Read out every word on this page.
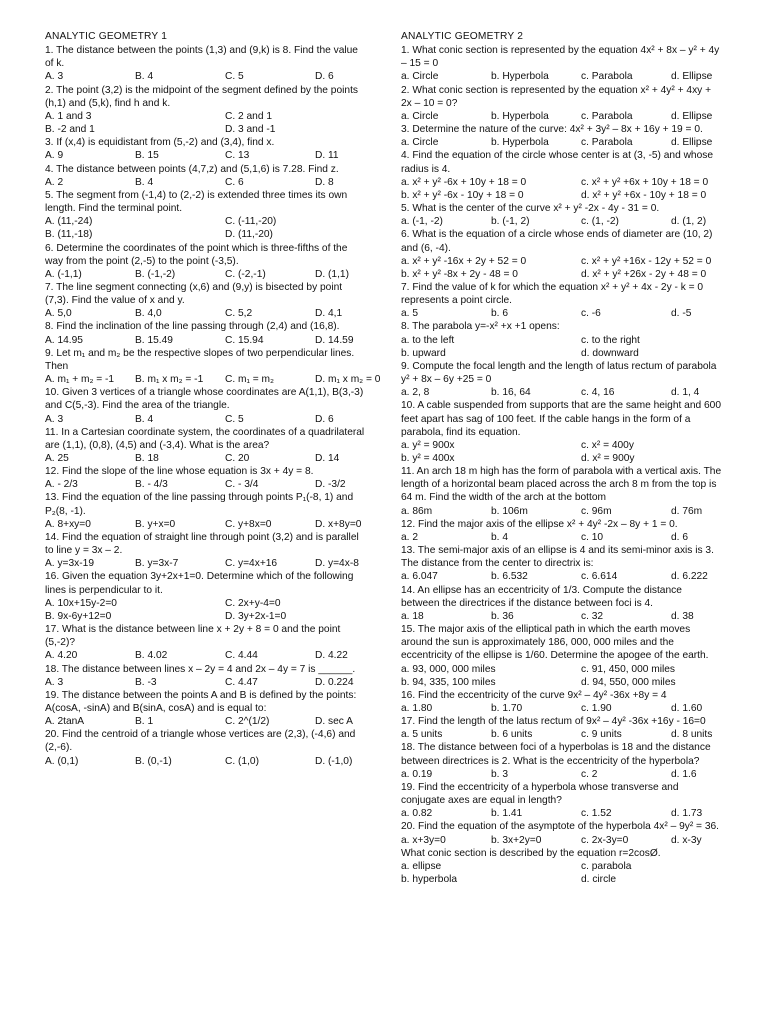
ANALYTIC GEOMETRY 1
1. The distance between the points (1,3) and (9,k) is 8. Find the value of k.
A. 3	B. 4	C. 5	D. 6
2. The point (3,2) is the midpoint of the segment defined by the points (h,1) and (5,k), find h and k.
A. 1 and 3	C. 2 and 1
B. -2 and 1	D. 3 and -1
3. If (x,4) is equidistant from (5,-2) and (3,4), find x.
A. 9	B. 15	C. 13	D. 11
4. The distance between points (4,7,z) and (5,1,6) is 7.28. Find z.
A. 2	B. 4	C. 6	D. 8
5. The segment from (-1,4) to (2,-2) is extended three times its own length. Find the terminal point.
A. (11,-24)	C. (-11,-20)
B. (11,-18)	D. (11,-20)
6. Determine the coordinates of the point which is three-fifths of the way from the point (2,-5) to the point (-3,5).
A. (-1,1)	B. (-1,-2)	C. (-2,-1)	D. (1,1)
7. The line segment connecting (x,6) and (9,y) is bisected by point (7,3). Find the value of x and y.
A. 5,0	B. 4,0	C. 5,2	D. 4,1
8. Find the inclination of the line passing through (2,4) and (16,8).
A. 14.95	B. 15.49	C. 15.94	D. 14.59
9. Let m₁ and m₂ be the respective slopes of two perpendicular lines. Then
A. m₁ + m₂ = -1	B. m₁ x m₂ = -1	C. m₁ = m₂	D. m₁ x m₂ = 0
10. Given 3 vertices of a triangle whose coordinates are A(1,1), B(3,-3) and C(5,-3). Find the area of the triangle.
A. 3	B. 4	C. 5	D. 6
11. In a Cartesian coordinate system, the coordinates of a quadrilateral are (1,1), (0,8), (4,5) and (-3,4). What is the area?
A. 25	B. 18	C. 20	D. 14
12. Find the slope of the line whose equation is 3x + 4y = 8.
A. - 2/3	B. - 4/3	C. - 3/4	D. -3/2
13. Find the equation of the line passing through points P₁(-8, 1) and P₂(8, -1).
A. 8+xy=0	B. y+x=0	C. y+8x=0	D. x+8y=0
14. Find the equation of straight line through point (3,2) and is parallel to line y = 3x – 2.
A. y=3x-19	B. y=3x-7	C. y=4x+16	D. y=4x-8
16. Given the equation 3y+2x+1=0. Determine which of the following lines is perpendicular to it.
A. 10x+15y-2=0	C. 2x+y-4=0
B. 9x-6y+12=0	D. 3y+2x-1=0
17. What is the distance between line x + 2y + 8 = 0 and the point (5,-2)?
A. 4.20	B. 4.02	C. 4.44	D. 4.22
18. The distance between lines x – 2y = 4 and 2x – 4y = 7 is ______.
A. 3	B. -3	C. 4.47	D. 0.224
19. The distance between the points A and B is defined by the points: A(cosA, -sinA) and B(sinA, cosA) and is equal to:
A. 2tanA	B. 1	C. 2^(1/2)	D. sec A
20. Find the centroid of a triangle whose vertices are (2,3), (-4,6) and (2,-6).
A. (0,1)	B. (0,-1)	C. (1,0)	D. (-1,0)
ANALYTIC GEOMETRY 2
1. What conic section is represented by the equation 4x² + 8x – y² + 4y – 15 = 0
a. Circle	b. Hyperbola	c. Parabola	d. Ellipse
2. What conic section is represented by the equation x² + 4y² + 4xy + 2x – 10 = 0?
a. Circle	b. Hyperbola	c. Parabola	d. Ellipse
3. Determine the nature of the curve: 4x² + 3y² – 8x + 16y + 19 = 0.
a. Circle	b. Hyperbola	c. Parabola	d. Ellipse
4. Find the equation of the circle whose center is at (3, -5) and whose radius is 4.
a. x² + y² -6x + 10y + 18 = 0	c. x² + y² +6x + 10y + 18 = 0
b. x² + y² -6x - 10y + 18 = 0	d. x² + y² +6x - 10y + 18 = 0
5. What is the center of the curve x² + y² -2x - 4y - 31 = 0.
a. (-1, -2)	b. (-1, 2)	c. (1, -2)	d. (1, 2)
6. What is the equation of a circle whose ends of diameter are (10, 2) and (6, -4).
a. x² + y² -16x + 2y + 52 = 0	c. x² + y² +16x - 12y + 52 = 0
b. x² + y² -8x + 2y - 48 = 0	d. x² + y² +26x - 2y + 48 = 0
7. Find the value of k for which the equation x² + y² + 4x - 2y - k = 0 represents a point circle.
a. 5	b. 6	c. -6	d. -5
8. The parabola y=-x² +x +1 opens:
a. to the left	c. to the right
b. upward	d. downward
9. Compute the focal length and the length of latus rectum of parabola y² + 8x – 6y +25 = 0
a. 2, 8	b. 16, 64	c. 4, 16	d. 1, 4
10. A cable suspended from supports that are the same height and 600 feet apart has sag of 100 feet. If the cable hangs in the form of a parabola, find its equation.
a. y² = 900x	c. x² = 400y
b. y² = 400x	d. x² = 900y
11. An arch 18 m high has the form of parabola with a vertical axis. The length of a horizontal beam placed across the arch 8 m from the top is 64 m. Find the width of the arch at the bottom
a. 86m	b. 106m	c. 96m	d. 76m
12. Find the major axis of the ellipse x² + 4y² -2x – 8y + 1 = 0.
a. 2	b. 4	c. 10	d. 6
13. The semi-major axis of an ellipse is 4 and its semi-minor axis is 3. The distance from the center to directrix is:
a. 6.047	b. 6.532	c. 6.614	d. 6.222
14. An ellipse has an eccentricity of 1/3. Compute the distance between the directrices if the distance between foci is 4.
a. 18	b. 36	c. 32	d. 38
15. The major axis of the elliptical path in which the earth moves around the sun is approximately 186, 000, 000 miles and the eccentricity of the ellipse is 1/60. Determine the apogee of the earth.
a. 93, 000, 000 miles	c. 91, 450, 000 miles
b. 94, 335, 100 miles	d. 94, 550, 000 miles
16. Find the eccentricity of the curve 9x² – 4y² -36x +8y = 4
a. 1.80	b. 1.70	c. 1.90	d. 1.60
17. Find the length of the latus rectum of 9x² – 4y² -36x +16y - 16=0
a. 5 units	b. 6 units	c. 9 units	d. 8 units
18. The distance between foci of a hyperbolas is 18 and the distance between directrices is 2. What is the eccentricity of the hyperbola?
a. 0.19	b. 3	c. 2	d. 1.6
19. Find the eccentricity of a hyperbola whose transverse and conjugate axes are equal in length?
a. 0.82	b. 1.41	c. 1.52	d. 1.73
20. Find the equation of the asymptote of the hyperbola 4x² – 9y² = 36.
a. x+3y=0	b. 3x+2y=0	c. 2x-3y=0	d. x-3y
What conic section is described by the equation r=2cosØ.
a. ellipse	c. parabola
b. hyperbola	d. circle
